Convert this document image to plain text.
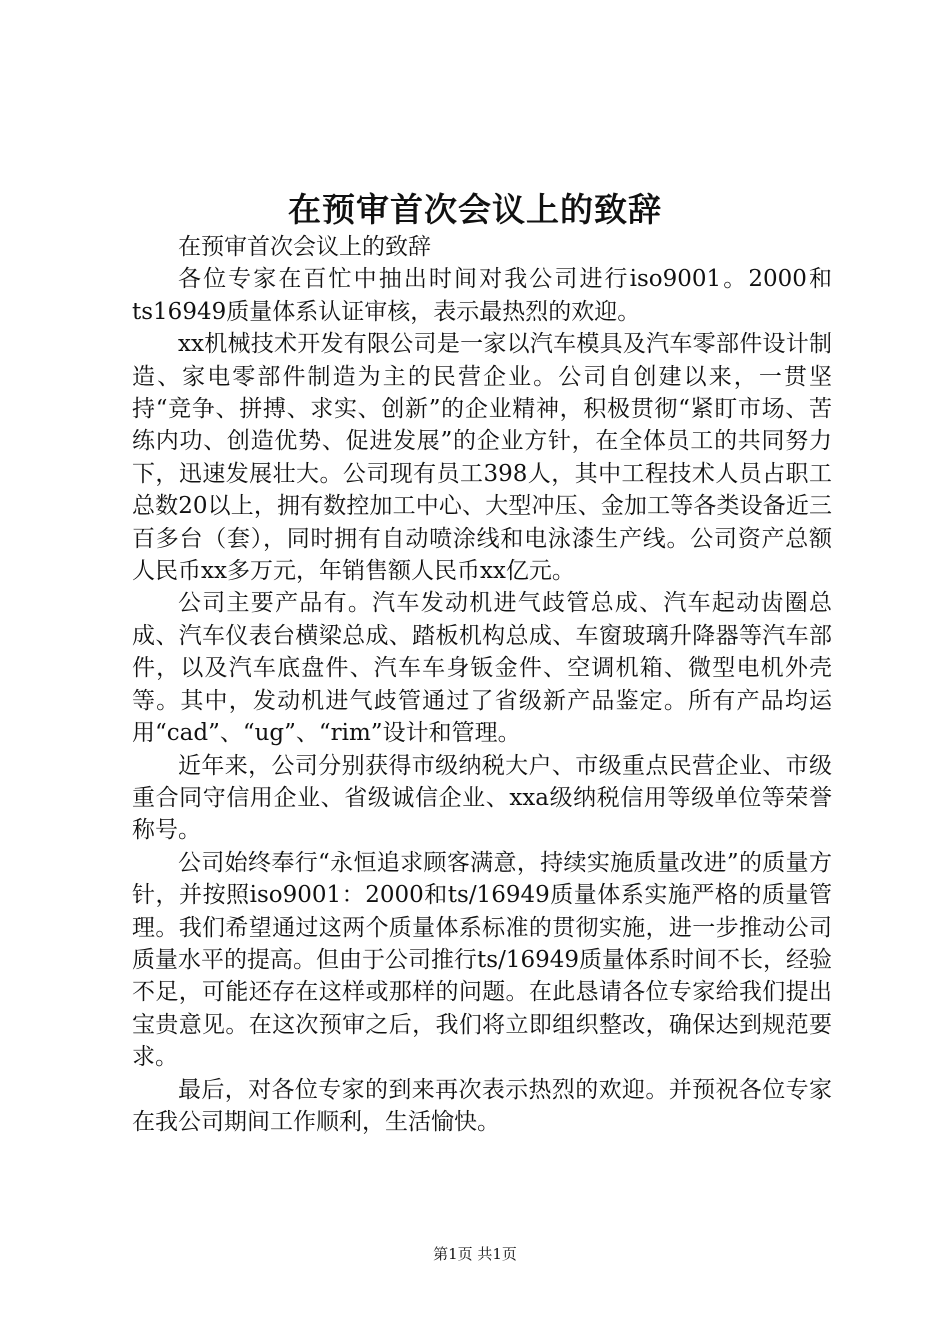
在预审首次会议上的致辞

在预审首次会议上的致辞

各位专家在百忙中抽出时间对我公司进行iso9001。2000和ts16949质量体系认证审核，表示最热烈的欢迎。

xx机械技术开发有限公司是一家以汽车模具及汽车零部件设计制造、家电零部件制造为主的民营企业。公司自创建以来，一贯坚持“竞争、拼搏、求实、创新”的企业精神，积极贯彻“紧盯市场、苦练内功、创造优势、促进发展”的企业方针，在全体员工的共同努力下，迅速发展壮大。公司现有员工398人，其中工程技术人员占职工总数20以上，拥有数控加工中心、大型冲压、金加工等各类设备近三百多台（套），同时拥有自动喷涂线和电泳漆生产线。公司资产总额人民币xx多万元，年销售额人民币xx亿元。

公司主要产品有。汽车发动机进气歧管总成、汽车起动齿圈总成、汽车仪表台横梁总成、踏板机构总成、车窗玻璃升降器等汽车部件，以及汽车底盘件、汽车车身钣金件、空调机箱、微型电机外壳等。其中，发动机进气歧管通过了省级新产品鉴定。所有产品均运用“cad”、“ug”、“rim”设计和管理。

近年来，公司分别获得市级纳税大户、市级重点民营企业、市级重合同守信用企业、省级诚信企业、xxa级纳税信用等级单位等荣誉称号。

公司始终奉行“永恒追求顾客满意，持续实施质量改进”的质量方针，并按照iso9001：2000和ts/16949质量体系实施严格的质量管理。我们希望通过这两个质量体系标准的贯彻实施，进一步推动公司质量水平的提高。但由于公司推行ts/16949质量体系时间不长，经验不足，可能还存在这样或那样的问题。在此恳请各位专家给我们提出宝贵意见。在这次预审之后，我们将立即组织整改，确保达到规范要求。

最后，对各位专家的到来再次表示热烈的欢迎。并预祝各位专家在我公司期间工作顺利，生活愉快。

第1页 共1页
